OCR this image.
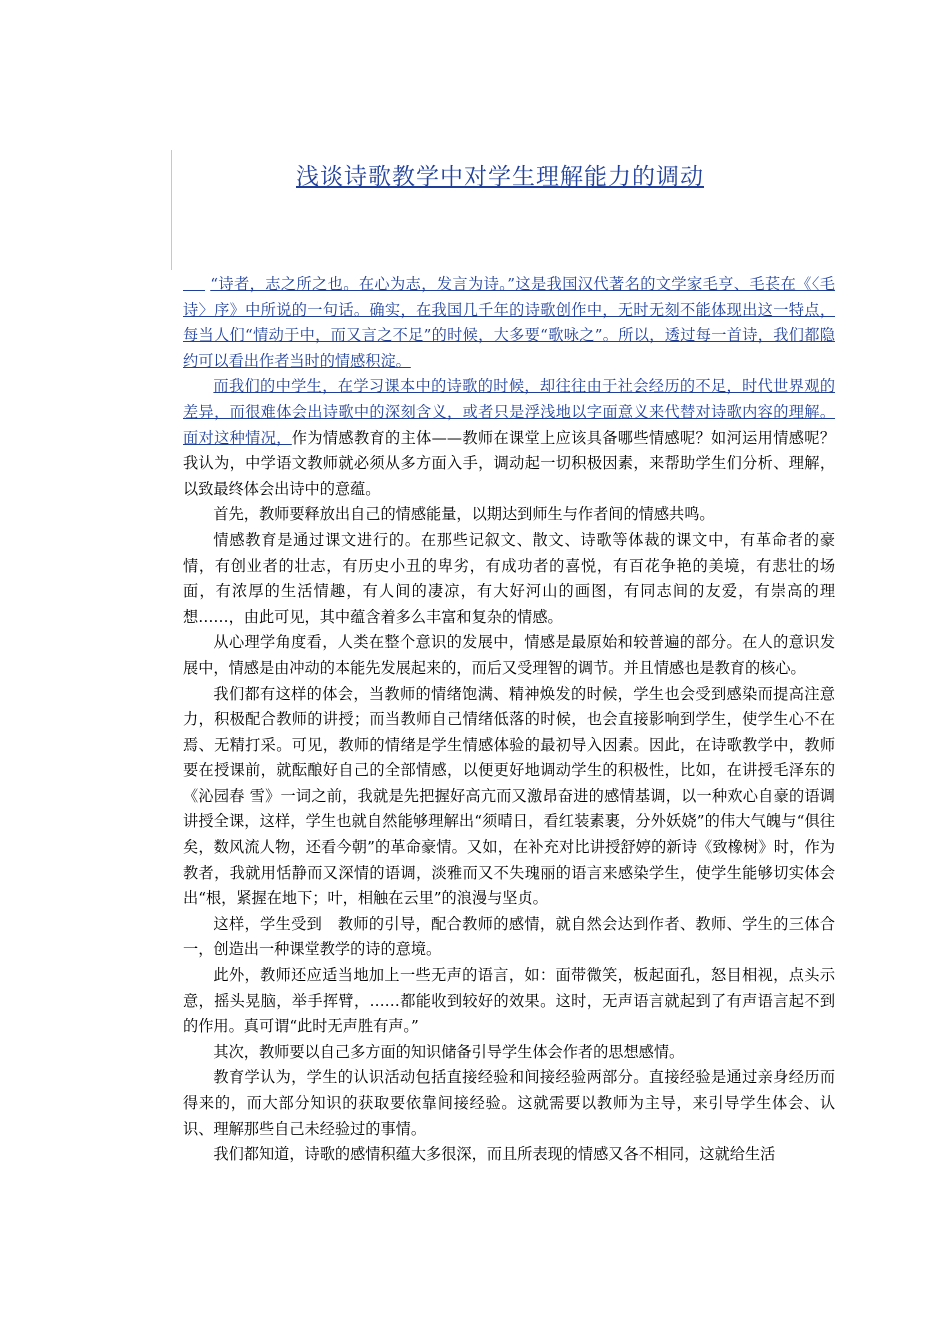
浅谈诗歌教学中对学生理解能力的调动

“诗者，志之所之也。在心为志，发言为诗。”这是我国汉代著名的文学家毛亨、毛苌在《〈毛诗〉序》中所说的一句话。确实，在我国几千年的诗歌创作中，无时无刻不能体现出这一特点，每当人们“情动于中，而又言之不足”的时候，大多要“歌咏之”。所以，透过每一首诗，我们都隐约可以看出作者当时的情感积淀。

而我们的中学生，在学习课本中的诗歌的时候，却往往由于社会经历的不足，时代世界观的差异，而很难体会出诗歌中的深刻含义，或者只是浮浅地以字面意义来代替对诗歌内容的理解。面对这种情况，作为情感教育的主体——教师在课堂上应该具备哪些情感呢？如河运用情感呢？我认为，中学语文教师就必须从多方面入手，调动起一切积极因素，来帮助学生们分析、理解，以致最终体会出诗中的意蕴。

首先，教师要释放出自己的情感能量，以期达到师生与作者间的情感共鸣。

情感教育是通过课文进行的。在那些记叙文、散文、诗歌等体裁的课文中，有革命者的豪情，有创业者的壮志，有历史小丑的卑劣，有成功者的喜悦，有百花争艳的美境，有悲壮的场面，有浓厚的生活情趣，有人间的凄凉，有大好河山的画图，有同志间的友爱，有崇高的理想……，由此可见，其中蕴含着多么丰富和复杂的情感。

从心理学角度看，人类在整个意识的发展中，情感是最原始和较普遍的部分。在人的意识发展中，情感是由冲动的本能先发展起来的，而后又受理智的调节。并且情感也是教育的核心。

我们都有这样的体会，当教师的情绪饱满、精神焕发的时候，学生也会受到感染而提高注意力，积极配合教师的讲授；而当教师自己情绪低落的时候，也会直接影响到学生，使学生心不在焉、无精打采。可见，教师的情绪是学生情感体验的最初导入因素。因此，在诗歌教学中，教师要在授课前，就酝酿好自己的全部情感，以便更好地调动学生的积极性，比如，在讲授毛泽东的《沁园春 雪》一词之前，我就是先把握好高亢而又激昂奋进的感情基调，以一种欢心自豪的语调讲授全课，这样，学生也就自然能够理解出“须晴日，看红装素裹，分外妖娆”的伟大气魄与“俱往矣，数风流人物，还看今朝”的革命豪情。又如，在补充对比讲授舒婷的新诗《致橡树》时，作为教者，我就用恬静而又深情的语调，淡雅而又不失瑰丽的语言来感染学生，使学生能够切实体会出“根，紧握在地下；叶，相触在云里”的浪漫与坚贞。

这样，学生受到　教师的引导，配合教师的感情，就自然会达到作者、教师、学生的三体合一，创造出一种课堂教学的诗的意境。

此外，教师还应适当地加上一些无声的语言，如：面带微笑，板起面孔，怒目相视，点头示意，摇头晃脑，举手挥臂，……都能收到较好的效果。这时，无声语言就起到了有声语言起不到的作用。真可谓“此时无声胜有声。”

其次，教师要以自己多方面的知识储备引导学生体会作者的思想感情。

教育学认为，学生的认识活动包括直接经验和间接经验两部分。直接经验是通过亲身经历而得来的，而大部分知识的获取要依靠间接经验。这就需要以教师为主导，来引导学生体会、认识、理解那些自己未经验过的事情。

我们都知道，诗歌的感情积蕴大多很深，而且所表现的情感又各不相同，这就给生活
